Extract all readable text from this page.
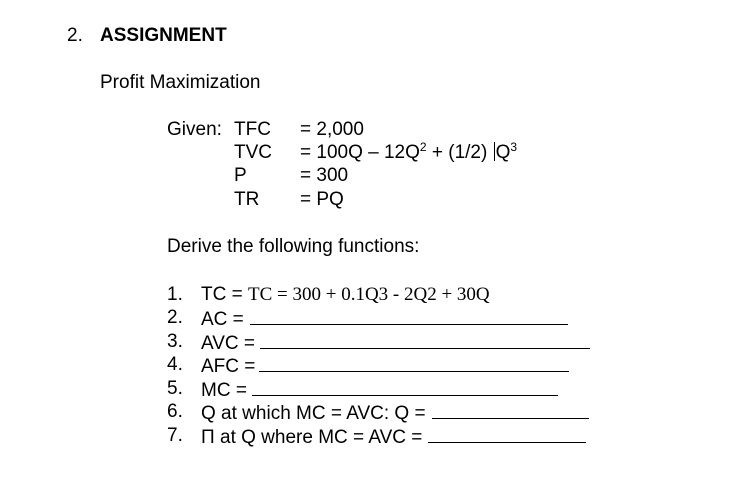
2. ASSIGNMENT
Profit Maximization
Given: TFC = 2,000
TVC = $100Q - 12Q^2 + (1/2)$ $Q^3$
P	= 300
TR = PQ
Derive the following functions:
1. TC = TC = 300 + 0.1Q3 - 2Q2 + 30Q
2. AC =
3. AVC =
4. AFC =
5. MC =
6. Q at which MC = AVC: Q =
7. Π at Q where MC = AVC =
